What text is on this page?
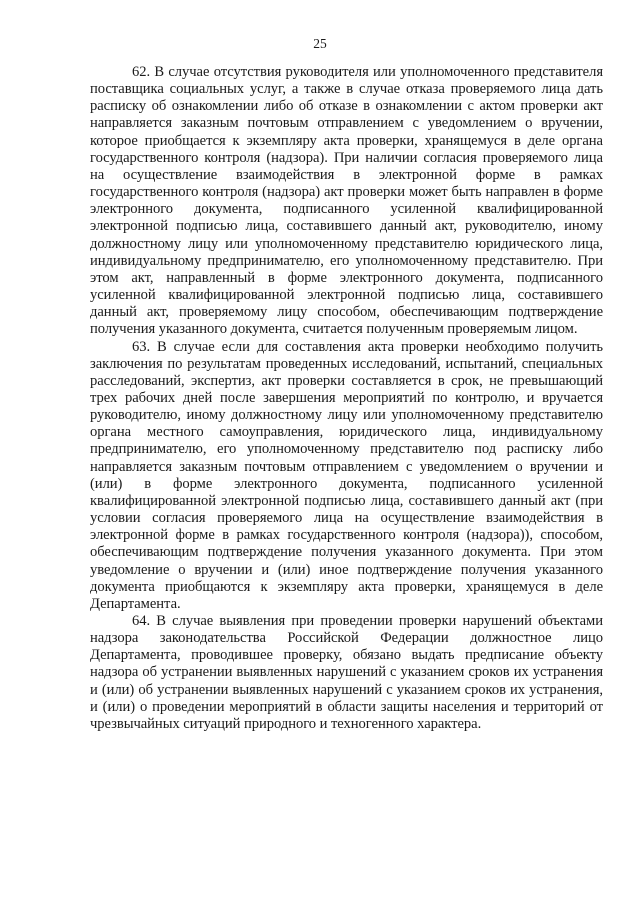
25

62. В случае отсутствия руководителя или уполномоченного представителя поставщика социальных услуг, а также в случае отказа проверяемого лица дать расписку об ознакомлении либо об отказе в ознакомлении с актом проверки акт направляется заказным почтовым отправлением с уведомлением о вручении, которое приобщается к экземпляру акта проверки, хранящемуся в деле органа государственного контроля (надзора). При наличии согласия проверяемого лица на осуществление взаимодействия в электронной форме в рамках государственного контроля (надзора) акт проверки может быть направлен в форме электронного документа, подписанного усиленной квалифицированной электронной подписью лица, составившего данный акт, руководителю, иному должностному лицу или уполномоченному представителю юридического лица, индивидуальному предпринимателю, его уполномоченному представителю. При этом акт, направленный в форме электронного документа, подписанного усиленной квалифицированной электронной подписью лица, составившего данный акт, проверяемому лицу способом, обеспечивающим подтверждение получения указанного документа, считается полученным проверяемым лицом.

63. В случае если для составления акта проверки необходимо получить заключения по результатам проведенных исследований, испытаний, специальных расследований, экспертиз, акт проверки составляется в срок, не превышающий трех рабочих дней после завершения мероприятий по контролю, и вручается руководителю, иному должностному лицу или уполномоченному представителю органа местного самоуправления, юридического лица, индивидуальному предпринимателю, его уполномоченному представителю под расписку либо направляется заказным почтовым отправлением с уведомлением о вручении и (или) в форме электронного документа, подписанного усиленной квалифицированной электронной подписью лица, составившего данный акт (при условии согласия проверяемого лица на осуществление взаимодействия в электронной форме в рамках государственного контроля (надзора)), способом, обеспечивающим подтверждение получения указанного документа. При этом уведомление о вручении и (или) иное подтверждение получения указанного документа приобщаются к экземпляру акта проверки, хранящемуся в деле Департамента.

64. В случае выявления при проведении проверки нарушений объектами надзора законодательства Российской Федерации должностное лицо Департамента, проводившее проверку, обязано выдать предписание объекту надзора об устранении выявленных нарушений с указанием сроков их устранения и (или) об устранении выявленных нарушений с указанием сроков их устранения, и (или) о проведении мероприятий в области защиты населения и территорий от чрезвычайных ситуаций природного и техногенного характера.
